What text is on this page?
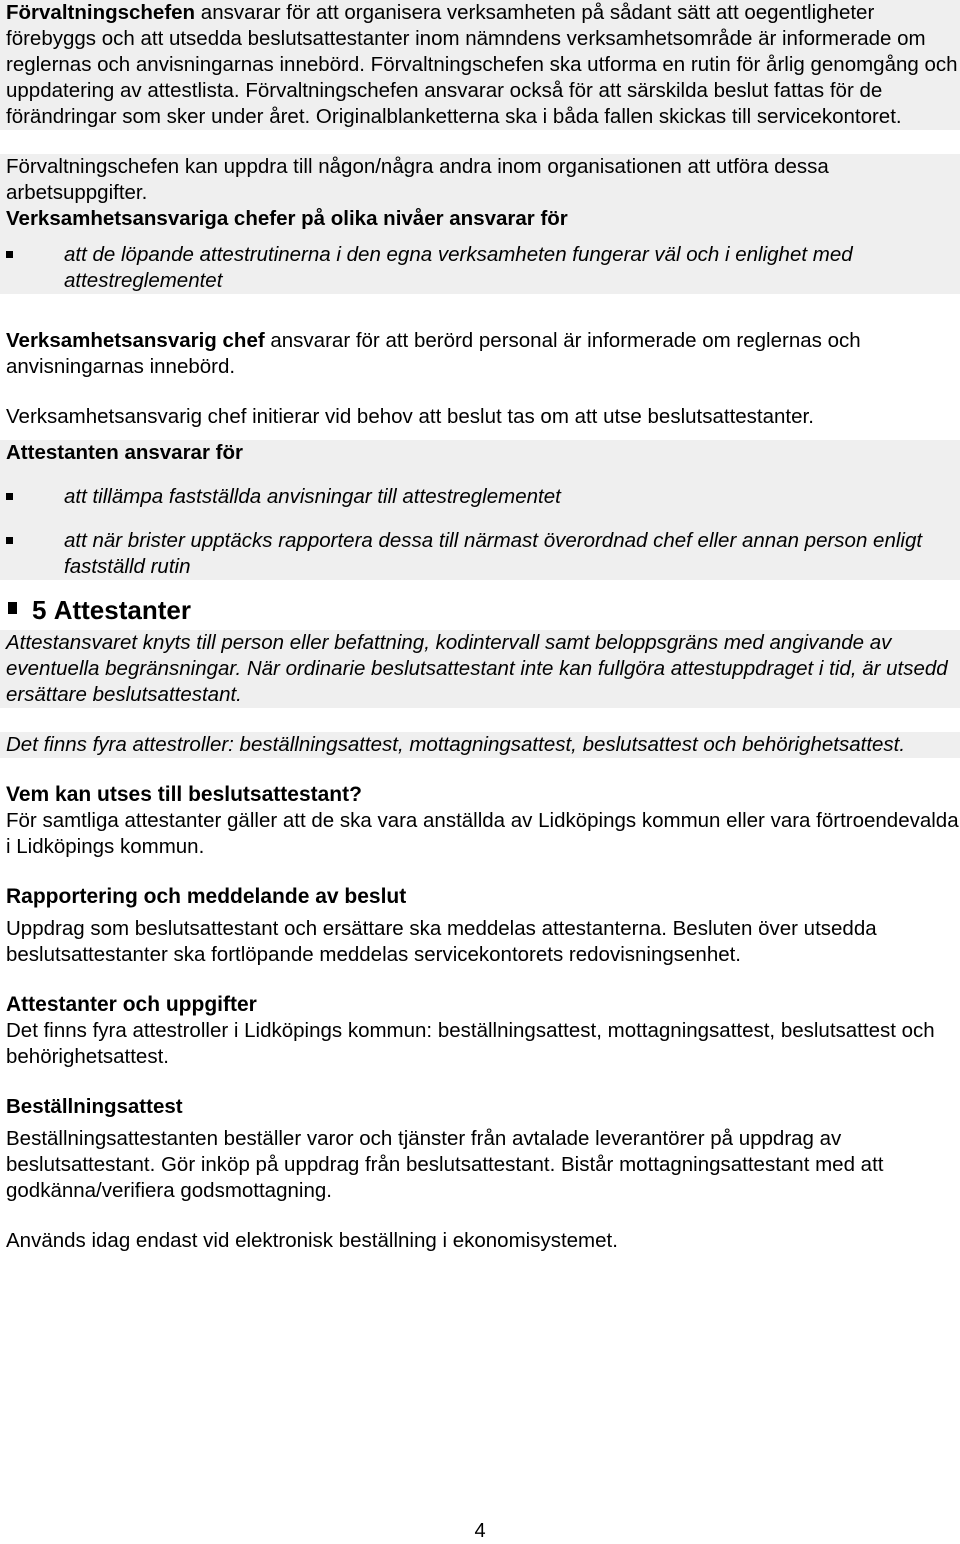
Förvaltningschefen ansvarar för att organisera verksamheten på sådant sätt att oegentligheter förebyggs och att utsedda beslutsattestanter inom nämndens verksamhetsområde är informerade om reglernas och anvisningarnas innebörd. Förvaltningschefen ska utforma en rutin för årlig genomgång och uppdatering av attestlista. Förvaltningschefen ansvarar också för att särskilda beslut fattas för de förändringar som sker under året. Originalblanketterna ska i båda fallen skickas till servicekontoret.

Förvaltningschefen kan uppdra till någon/några andra inom organisationen att utföra dessa arbetsuppgifter.

Verksamhetsansvariga chefer på olika nivåer ansvarar för

att de löpande attestrutinerna i den egna verksamheten fungerar väl och i enlighet med attestreglementet

Verksamhetsansvarig chef ansvarar för att berörd personal är informerade om reglernas och anvisningarnas innebörd.

Verksamhetsansvarig chef initierar vid behov att beslut tas om att utse beslutsattestanter.

Attestanten ansvarar för

att tillämpa fastställda anvisningar till attestreglementet
att när brister upptäcks rapportera dessa till närmast överordnad chef eller annan person enligt fastställd rutin
5
Attestanter

Attestansvaret knyts till person eller befattning, kodintervall samt beloppsgräns med angivande av eventuella begränsningar. När ordinarie beslutsattestant inte kan fullgöra attestuppdraget i tid, är utsedd ersättare beslutsattestant.

Det finns fyra attestroller: beställningsattest, mottagningsattest, beslutsattest och behörighetsattest.

Vem kan utses till beslutsattestant?

För samtliga attestanter gäller att de ska vara anställda av Lidköpings kommun eller vara förtroendevalda i Lidköpings kommun.

Rapportering och meddelande av beslut

Uppdrag som beslutsattestant och ersättare ska meddelas attestanterna. Besluten över utsedda beslutsattestanter ska fortlöpande meddelas servicekontorets redovisningsenhet.

Attestanter och uppgifter

Det finns fyra attestroller i Lidköpings kommun: beställningsattest, mottagningsattest, beslutsattest och behörighetsattest.

Beställningsattest

Beställningsattestanten beställer varor och tjänster från avtalade leverantörer på uppdrag av beslutsattestant. Gör inköp på uppdrag från beslutsattestant. Bistår mottagningsattestant med att godkänna/verifiera godsmottagning.

Används idag endast vid elektronisk beställning i ekonomisystemet.

4
